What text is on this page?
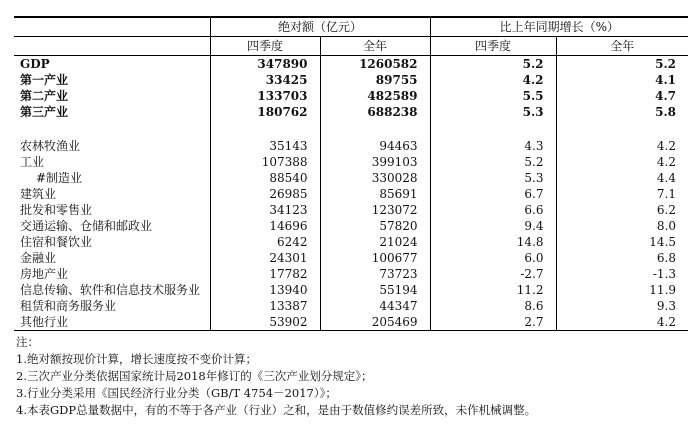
	绝对额（亿元）		比上年同期增长（%）	
	四季度	全年	四季度	全年
GDP	347890	1260582	5.2	5.2
第一产业	33425	89755	4.2	4.1
第二产业	133703	482589	5.5	4.7
第三产业	180762	688238	5.3	5.8

农林牧渔业	35143	94463	4.3	4.2
工业	107388	399103	5.2	4.2
#制造业	88540	330028	5.3	4.4
建筑业	26985	85691	6.7	7.1
批发和零售业	34123	123072	6.6	6.2
交通运输、仓储和邮政业	14696	57820	9.4	8.0
住宿和餐饮业	6242	21024	14.8	14.5
金融业	24301	100677	6.0	6.8
房地产业	17782	73723	-2.7	-1.3
信息传输、软件和信息技术服务业	13940	55194	11.2	11.9
租赁和商务服务业	13387	44347	8.6	9.3
其他行业	53902	205469	2.7	4.2
注：
1.绝对额按现价计算，增长速度按不变价计算；
2.三次产业分类依据国家统计局2018年修订的《三次产业划分规定》；
3.行业分类采用《国民经济行业分类（GB/T 4754－2017）》；
4.本表GDP总量数据中，有的不等于各产业（行业）之和，是由于数值修约误差所致，未作机械调整。
